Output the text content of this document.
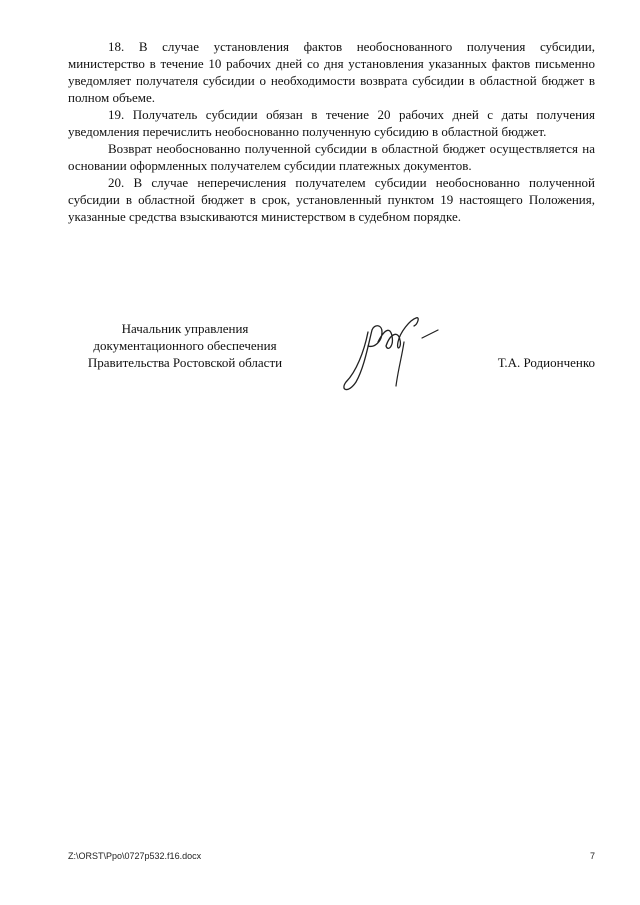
18. В случае установления фактов необоснованного получения субсидии, министерство в течение 10 рабочих дней со дня установления указанных фактов письменно уведомляет получателя субсидии о необходимости возврата субсидии в областной бюджет в полном объеме.

19. Получатель субсидии обязан в течение 20 рабочих дней с даты получения уведомления перечислить необоснованно полученную субсидию в областной бюджет.

Возврат необоснованно полученной субсидии в областной бюджет осуществляется на основании оформленных получателем субсидии платежных документов.

20. В случае неперечисления получателем субсидии необоснованно полученной субсидии в областной бюджет в срок, установленный пунктом 19 настоящего Положения, указанные средства взыскиваются министерством в судебном порядке.

Начальник управления
документационного обеспечения
Правительства Ростовской области	Т.А. Родионченко
Z:\ORST\Ppo\0727p532.f16.docx	7
